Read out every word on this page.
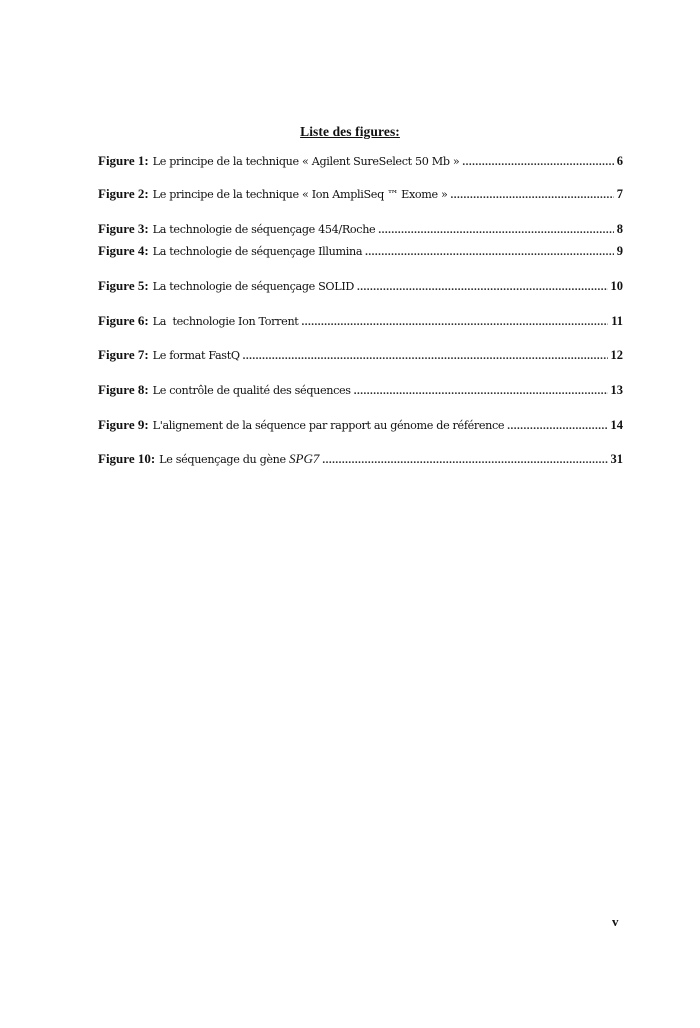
Liste des figures:
Figure 1: Le principe de la technique « Agilent SureSelect 50 Mb » .....	6
Figure 2: Le principe de la technique « Ion AmpliSeq ™ Exome » .....	7
Figure 3: La technologie de séquençage 454/Roche .....	8
Figure 4: La technologie de séquençage Illumina .....	9
Figure 5: La technologie de séquençage SOLID .....	10
Figure 6: La  technologie Ion Torrent .....	11
Figure 7: Le format FastQ .....	12
Figure 8: Le contrôle de qualité des séquences .....	13
Figure 9: L'alignement de la séquence par rapport au génome de référence .....	14
Figure 10: Le séquençage du gène SPG7 .....	31
v
